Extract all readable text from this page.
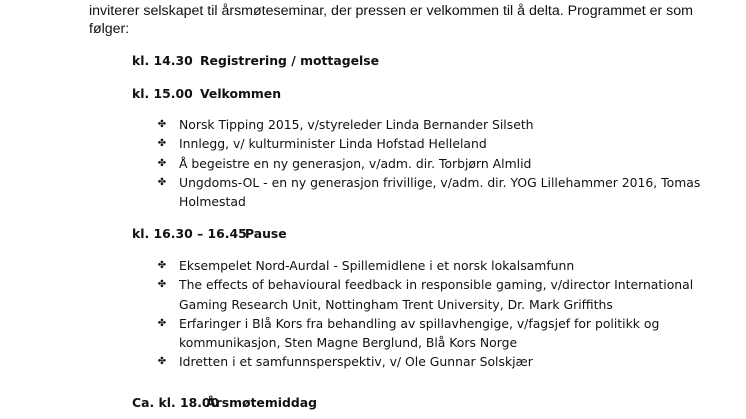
inviterer selskapet til årsmøteseminar, der pressen er velkommen til å delta. Programmet er som følger:

kl. 14.30 Registrering / mottagelse

kl. 15.00 Velkommen

✤ Norsk Tipping 2015, v/styreleder Linda Bernander Silseth
✤ Innlegg, v/ kulturminister Linda Hofstad Helleland
✤ Å begeistre en ny generasjon, v/adm. dir. Torbjørn Almlid
✤ Ungdoms-OL - en ny generasjon frivillige, v/adm. dir. YOG Lillehammer 2016, Tomas Holmestad

kl. 16.30 – 16.45Pause

✤ Eksempelet Nord-Aurdal - Spillemidlene i et norsk lokalsamfunn
✤ The effects of behavioural feedback in responsible gaming, v/director International Gaming Research Unit, Nottingham Trent University, Dr. Mark Griffiths
✤ Erfaringer i Blå Kors fra behandling av spillavhengige, v/fagsjef for politikk og kommunikasjon, Sten Magne Berglund, Blå Kors Norge
✤ Idretten i et samfunnsperspektiv, v/ Ole Gunnar Solskjær

Ca. kl. 18.00Årsmøtemiddag
